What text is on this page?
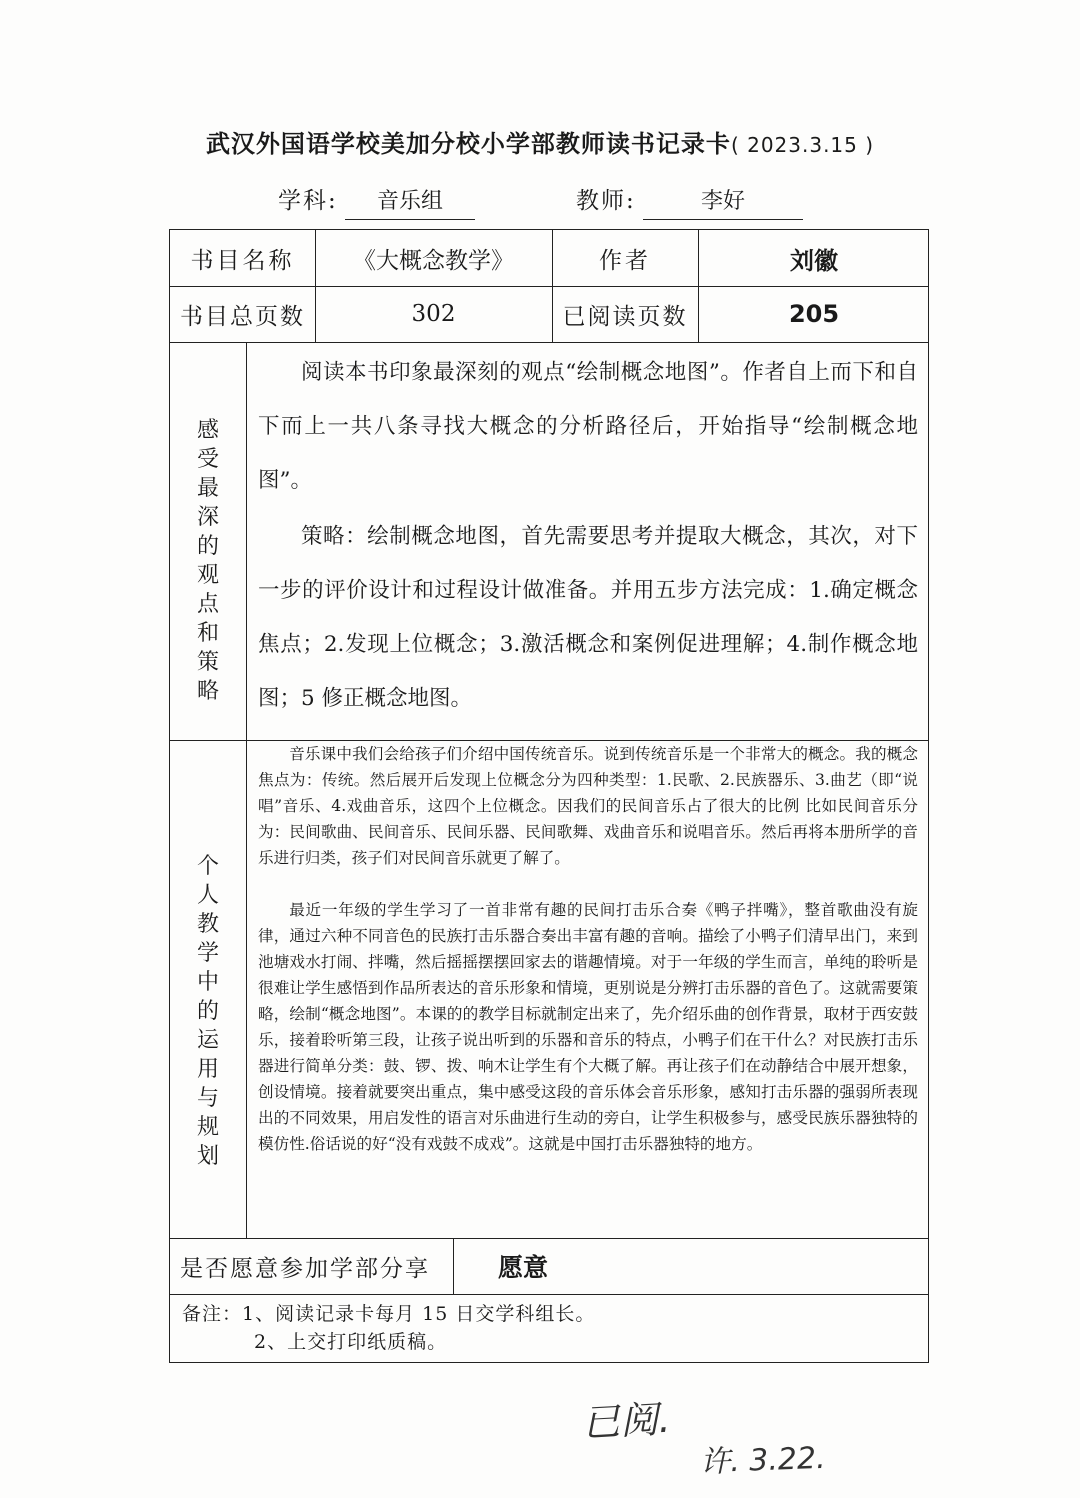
武汉外国语学校美加分校小学部教师读书记录卡( 2023.3.15 )
学科: 音乐组	教师:	李好
书目名称	《大概念教学》	作者	刘徽
书目总页数	302	已阅读页数	205
感受最深的观点和策略

阅读本书印象最深刻的观点“绘制概念地图”。作者自上而下和自下而上一共八条寻找大概念的分析路径后，开始指导“绘制概念地图”。

策略：绘制概念地图，首先需要思考并提取大概念，其次，对下一步的评价设计和过程设计做准备。并用五步方法完成：1.确定概念焦点；2.发现上位概念；3.激活概念和案例促进理解；4.制作概念地图；5 修正概念地图。

个人教学中的运用与规划

音乐课中我们会给孩子们介绍中国传统音乐。说到传统音乐是一个非常大的概念。我的概念焦点为：传统。然后展开后发现上位概念分为四种类型：1.民歌、2.民族器乐、3.曲艺（即“说唱”音乐、4.戏曲音乐，这四个上位概念。因我们的民间音乐占了很大的比例 比如民间音乐分为：民间歌曲、民间音乐、民间乐器、民间歌舞、戏曲音乐和说唱音乐。然后再将本册所学的音乐进行归类，孩子们对民间音乐就更了解了。

最近一年级的学生学习了一首非常有趣的民间打击乐合奏《鸭子拌嘴》，整首歌曲没有旋律，通过六种不同音色的民族打击乐器合奏出丰富有趣的音响。描绘了小鸭子们清早出门，来到池塘戏水打闹、拌嘴，然后摇摇摆摆回家去的谐趣情境。对于一年级的学生而言，单纯的聆听是很难让学生感悟到作品所表达的音乐形象和情境，更别说是分辨打击乐器的音色了。这就需要策略，绘制“概念地图”。本课的的教学目标就制定出来了，先介绍乐曲的创作背景，取材于西安鼓乐，接着聆听第三段，让孩子说出听到的乐器和音乐的特点，小鸭子们在干什么？对民族打击乐器进行简单分类：鼓、锣、拨、响木让学生有个大概了解。再让孩子们在动静结合中展开想象，创设情境。接着就要突出重点，集中感受这段的音乐体会音乐形象，感知打击乐器的强弱所表现出的不同效果，用启发性的语言对乐曲进行生动的旁白，让学生积极参与，感受民族乐器独特的模仿性.俗话说的好“没有戏鼓不成戏”。这就是中国打击乐器独特的地方。

是否愿意参加学部分享	愿意
备注：1、阅读记录卡每月 15 日交学科组长。
2、上交打印纸质稿。
已阅.
许. 3.22.
